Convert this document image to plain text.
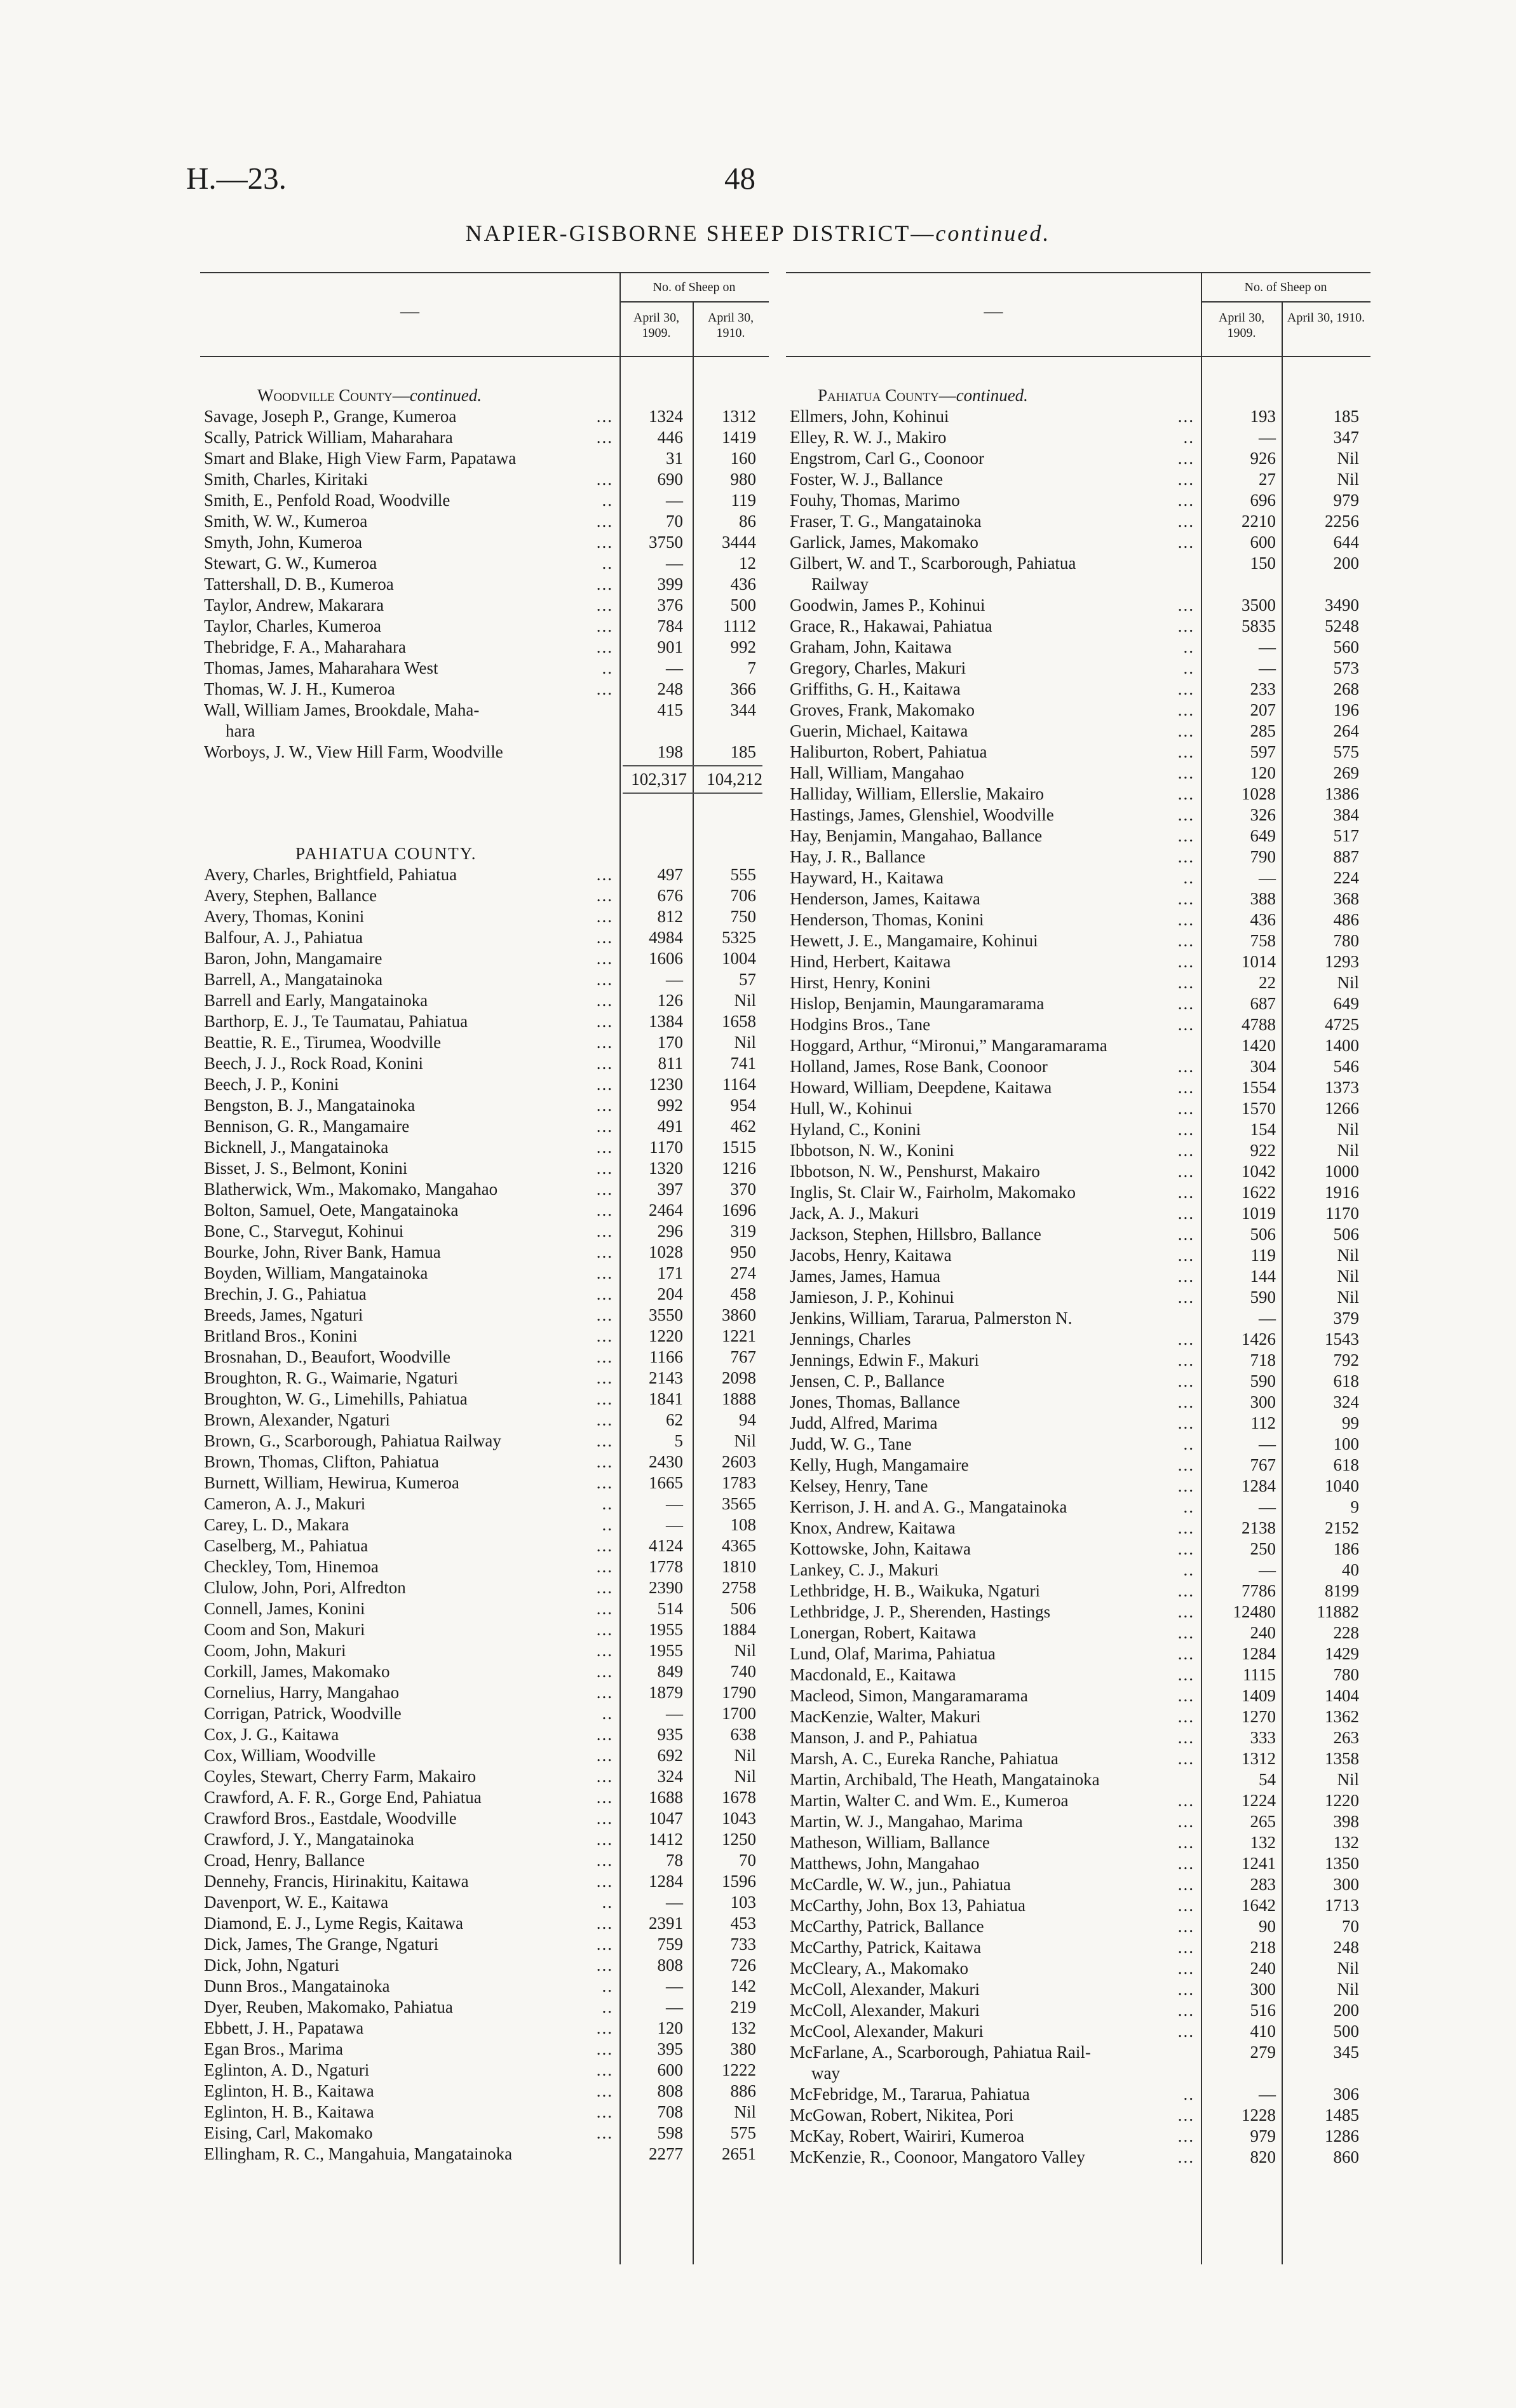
H.—23.	48
NAPIER-GISBORNE SHEEP DISTRICT—continued.
No. of Sheep on
—	April 30, 1909.
April 30, 1910.
Woodville County—continued.
Savage, Joseph P., Grange, Kumeroa	...	1324	1312
Scally, Patrick William, Maharahara	...	446	1419
Smart and Blake, High View Farm, Papatawa	31	160
Smith, Charles, Kiritaki	...	690	980
Smith, E., Penfold Road, Woodville	..	—	119
Smith, W. W., Kumeroa	...	70	86
Smyth, John, Kumeroa	...	3750	3444
Stewart, G. W., Kumeroa	..	—	12
Tattershall, D. B., Kumeroa	...	399	436
Taylor, Andrew, Makarara	...	376	500
Taylor, Charles, Kumeroa	...	784	1112
Thebridge, F. A., Maharahara	...	901	992
Thomas, James, Maharahara West	..	—	7
Thomas, W. J. H., Kumeroa	...	248	366
Wall, William James, Brookdale, Maha-
hara
415	344
Worboys, J. W., View Hill Farm, Woodville	198	185
102,317	104,212
PAHIATUA COUNTY.
Avery, Charles, Brightfield, Pahiatua	...	497	555
Avery, Stephen, Ballance	...	676	706
Avery, Thomas, Konini	...	812	750
Balfour, A. J., Pahiatua	...	4984	5325
Baron, John, Mangamaire	...	1606	1004
Barrell, A., Mangatainoka	...	—	57
Barrell and Early, Mangatainoka	...	126	Nil
Barthorp, E. J., Te Taumatau, Pahiatua	...	1384	1658
Beattie, R. E., Tirumea, Woodville	...	170	Nil
Beech, J. J., Rock Road, Konini	...	811	741
Beech, J. P., Konini	...	1230	1164
Bengston, B. J., Mangatainoka	...	992	954
Bennison, G. R., Mangamaire	...	491	462
Bicknell, J., Mangatainoka	...	1170	1515
Bisset, J. S., Belmont, Konini	...	1320	1216
Blatherwick, Wm., Makomako, Mangahao	...	397	370
Bolton, Samuel, Oete, Mangatainoka	...	2464	1696
Bone, C., Starvegut, Kohinui	...	296	319
Bourke, John, River Bank, Hamua	...	1028	950
Boyden, William, Mangatainoka	...	171	274
Brechin, J. G., Pahiatua	...	204	458
Breeds, James, Ngaturi	...	3550	3860
Britland Bros., Konini	...	1220	1221
Brosnahan, D., Beaufort, Woodville	...	1166	767
Broughton, R. G., Waimarie, Ngaturi	...	2143	2098
Broughton, W. G., Limehills, Pahiatua	...	1841	1888
Brown, Alexander, Ngaturi	...	62	94
Brown, G., Scarborough, Pahiatua Railway	...	5	Nil
Brown, Thomas, Clifton, Pahiatua	...	2430	2603
Burnett, William, Hewirua, Kumeroa	...	1665	1783
Cameron, A. J., Makuri	..	—	3565
Carey, L. D., Makara	..	—	108
Caselberg, M., Pahiatua	...	4124	4365
Checkley, Tom, Hinemoa	...	1778	1810
Clulow, John, Pori, Alfredton	...	2390	2758
Connell, James, Konini	...	514	506
Coom and Son, Makuri	...	1955	1884
Coom, John, Makuri	...	1955	Nil
Corkill, James, Makomako	...	849	740
Cornelius, Harry, Mangahao	...	1879	1790
Corrigan, Patrick, Woodville	..	—	1700
Cox, J. G., Kaitawa	...	935	638
Cox, William, Woodville	...	692	Nil
Coyles, Stewart, Cherry Farm, Makairo	...	324	Nil
Crawford, A. F. R., Gorge End, Pahiatua	...	1688	1678
Crawford Bros., Eastdale, Woodville	...	1047	1043
Crawford, J. Y., Mangatainoka	...	1412	1250
Croad, Henry, Ballance	...	78	70
Dennehy, Francis, Hirinakitu, Kaitawa	...	1284	1596
Davenport, W. E., Kaitawa	..	—	103
Diamond, E. J., Lyme Regis, Kaitawa	...	2391	453
Dick, James, The Grange, Ngaturi	...	759	733
Dick, John, Ngaturi	...	808	726
Dunn Bros., Mangatainoka	..	—	142
Dyer, Reuben, Makomako, Pahiatua	..	—	219
Ebbett, J. H., Papatawa	...	120	132
Egan Bros., Marima	...	395	380
Eglinton, A. D., Ngaturi	...	600	1222
Eglinton, H. B., Kaitawa	...	808	886
Eglinton, H. B., Kaitawa	...	708	Nil
Eising, Carl, Makomako	...	598	575
Ellingham, R. C., Mangahuia, Mangatainoka	2277	2651
No. of Sheep on
—	April 30, 1909.
April 30, 1910.
Pahiatua County—continued.
Ellmers, John, Kohinui	...	193	185
Elley, R. W. J., Makiro	..	—	347
Engstrom, Carl G., Coonoor	...	926	Nil
Foster, W. J., Ballance	...	27	Nil
Fouhy, Thomas, Marimo	...	696	979
Fraser, T. G., Mangatainoka	...	2210	2256
Garlick, James, Makomako	...	600	644
Gilbert, W. and T., Scarborough, Pahiatua
Railway
150	200
Goodwin, James P., Kohinui	...	3500	3490
Grace, R., Hakawai, Pahiatua	...	5835	5248
Graham, John, Kaitawa	..	—	560
Gregory, Charles, Makuri	..	—	573
Griffiths, G. H., Kaitawa	...	233	268
Groves, Frank, Makomako	...	207	196
Guerin, Michael, Kaitawa	...	285	264
Haliburton, Robert, Pahiatua	...	597	575
Hall, William, Mangahao	...	120	269
Halliday, William, Ellerslie, Makairo	...	1028	1386
Hastings, James, Glenshiel, Woodville	...	326	384
Hay, Benjamin, Mangahao, Ballance	...	649	517
Hay, J. R., Ballance	...	790	887
Hayward, H., Kaitawa	..	—	224
Henderson, James, Kaitawa	...	388	368
Henderson, Thomas, Konini	...	436	486
Hewett, J. E., Mangamaire, Kohinui	...	758	780
Hind, Herbert, Kaitawa	...	1014	1293
Hirst, Henry, Konini	...	22	Nil
Hislop, Benjamin, Maungaramarama	...	687	649
Hodgins Bros., Tane	...	4788	4725
Hoggard, Arthur, “Mironui,” Mangaramarama	1420	1400
Holland, James, Rose Bank, Coonoor	...	304	546
Howard, William, Deepdene, Kaitawa	...	1554	1373
Hull, W., Kohinui	...	1570	1266
Hyland, C., Konini	...	154	Nil
Ibbotson, N. W., Konini	...	922	Nil
Ibbotson, N. W., Penshurst, Makairo	...	1042	1000
Inglis, St. Clair W., Fairholm, Makomako	...	1622	1916
Jack, A. J., Makuri	...	1019	1170
Jackson, Stephen, Hillsbro, Ballance	...	506	506
Jacobs, Henry, Kaitawa	...	119	Nil
James, James, Hamua	...	144	Nil
Jamieson, J. P., Kohinui	...	590	Nil
Jenkins, William, Tararua, Palmerston N.	—	379
Jennings, Charles	...	1426	1543
Jennings, Edwin F., Makuri	...	718	792
Jensen, C. P., Ballance	...	590	618
Jones, Thomas, Ballance	...	300	324
Judd, Alfred, Marima	...	112	99
Judd, W. G., Tane	..	—	100
Kelly, Hugh, Mangamaire	...	767	618
Kelsey, Henry, Tane	...	1284	1040
Kerrison, J. H. and A. G., Mangatainoka	..	—	9
Knox, Andrew, Kaitawa	...	2138	2152
Kottowske, John, Kaitawa	...	250	186
Lankey, C. J., Makuri	..	—	40
Lethbridge, H. B., Waikuka, Ngaturi	...	7786	8199
Lethbridge, J. P., Sherenden, Hastings	...	12480	11882
Lonergan, Robert, Kaitawa	...	240	228
Lund, Olaf, Marima, Pahiatua	...	1284	1429
Macdonald, E., Kaitawa	...	1115	780
Macleod, Simon, Mangaramarama	...	1409	1404
MacKenzie, Walter, Makuri	...	1270	1362
Manson, J. and P., Pahiatua	...	333	263
Marsh, A. C., Eureka Ranche, Pahiatua	...	1312	1358
Martin, Archibald, The Heath, Mangatainoka	54	Nil
Martin, Walter C. and Wm. E., Kumeroa	...	1224	1220
Martin, W. J., Mangahao, Marima	...	265	398
Matheson, William, Ballance	...	132	132
Matthews, John, Mangahao	...	1241	1350
McCardle, W. W., jun., Pahiatua	...	283	300
McCarthy, John, Box 13, Pahiatua	...	1642	1713
McCarthy, Patrick, Ballance	...	90	70
McCarthy, Patrick, Kaitawa	...	218	248
McCleary, A., Makomako	...	240	Nil
McColl, Alexander, Makuri	...	300	Nil
McColl, Alexander, Makuri	...	516	200
McCool, Alexander, Makuri	...	410	500
McFarlane, A., Scarborough, Pahiatua Rail-
way
279	345
McFebridge, M., Tararua, Pahiatua	..	—	306
McGowan, Robert, Nikitea, Pori	...	1228	1485
McKay, Robert, Wairiri, Kumeroa	...	979	1286
McKenzie, R., Coonoor, Mangatoro Valley	...	820	860
